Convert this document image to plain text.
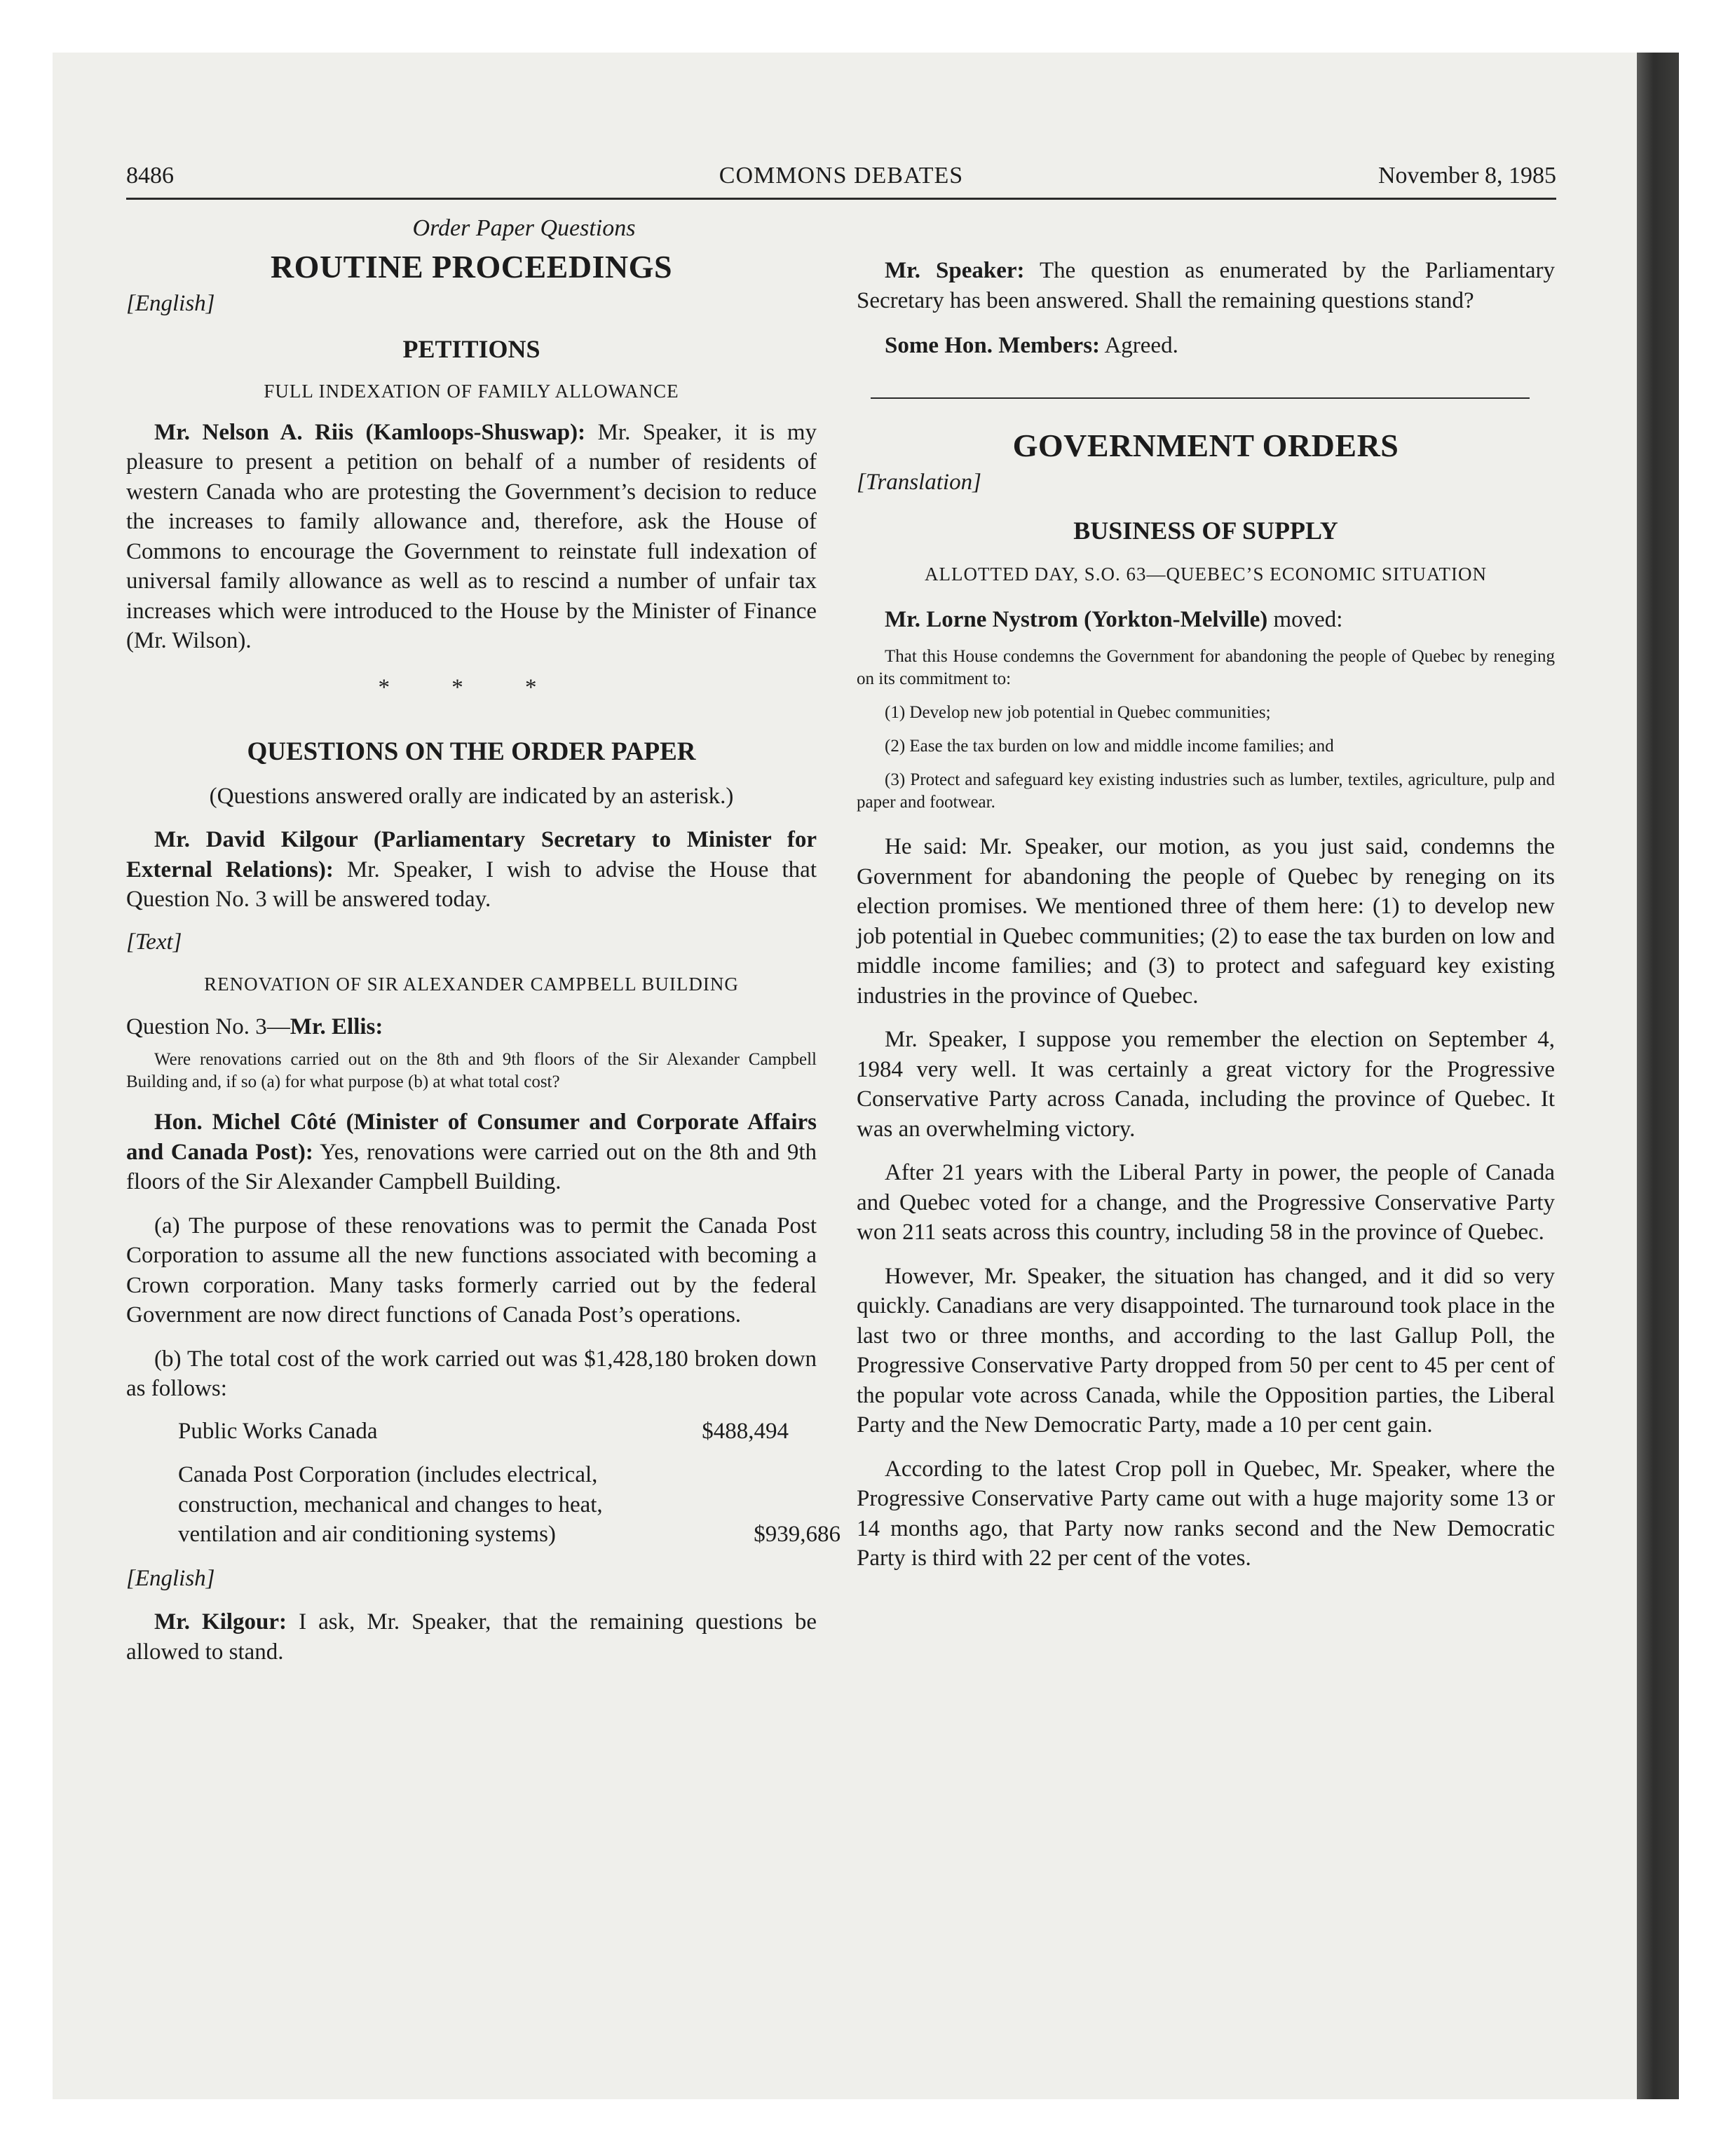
8486	COMMONS DEBATES	November 8, 1985

Order Paper Questions

ROUTINE PROCEEDINGS

[English]

PETITIONS

FULL INDEXATION OF FAMILY ALLOWANCE

Mr. Nelson A. Riis (Kamloops-Shuswap): Mr. Speaker, it is my pleasure to present a petition on behalf of a number of residents of western Canada who are protesting the Government’s decision to reduce the increases to family allowance and, therefore, ask the House of Commons to encourage the Government to reinstate full indexation of universal family allowance as well as to rescind a number of unfair tax increases which were introduced to the House by the Minister of Finance (Mr. Wilson).

* * *

QUESTIONS ON THE ORDER PAPER

(Questions answered orally are indicated by an asterisk.)

Mr. David Kilgour (Parliamentary Secretary to Minister for External Relations): Mr. Speaker, I wish to advise the House that Question No. 3 will be answered today.

[Text]

RENOVATION OF SIR ALEXANDER CAMPBELL BUILDING

Question No. 3—Mr. Ellis:

Were renovations carried out on the 8th and 9th floors of the Sir Alexander Campbell Building and, if so (a) for what purpose (b) at what total cost?

Hon. Michel Côté (Minister of Consumer and Corporate Affairs and Canada Post): Yes, renovations were carried out on the 8th and 9th floors of the Sir Alexander Campbell Building.

(a) The purpose of these renovations was to permit the Canada Post Corporation to assume all the new functions associated with becoming a Crown corporation. Many tasks formerly carried out by the federal Government are now direct functions of Canada Post’s operations.

(b) The total cost of the work carried out was $1,428,180 broken down as follows:

Public Works Canada	$488,494
Canada Post Corporation (includes electrical, construction, mechanical and changes to heat, ventilation and air conditioning systems)	$939,686

[English]

Mr. Kilgour: I ask, Mr. Speaker, that the remaining questions be allowed to stand.

Mr. Speaker: The question as enumerated by the Parliamentary Secretary has been answered. Shall the remaining questions stand?

Some Hon. Members: Agreed.

GOVERNMENT ORDERS

[Translation]

BUSINESS OF SUPPLY

ALLOTTED DAY, S.O. 63—QUEBEC’S ECONOMIC SITUATION

Mr. Lorne Nystrom (Yorkton-Melville) moved:

That this House condemns the Government for abandoning the people of Quebec by reneging on its commitment to:

(1) Develop new job potential in Quebec communities;

(2) Ease the tax burden on low and middle income families; and

(3) Protect and safeguard key existing industries such as lumber, textiles, agriculture, pulp and paper and footwear.

He said: Mr. Speaker, our motion, as you just said, condemns the Government for abandoning the people of Quebec by reneging on its election promises. We mentioned three of them here: (1) to develop new job potential in Quebec communities; (2) to ease the tax burden on low and middle income families; and (3) to protect and safeguard key existing industries in the province of Quebec.

Mr. Speaker, I suppose you remember the election on September 4, 1984 very well. It was certainly a great victory for the Progressive Conservative Party across Canada, including the province of Quebec. It was an overwhelming victory.

After 21 years with the Liberal Party in power, the people of Canada and Quebec voted for a change, and the Progressive Conservative Party won 211 seats across this country, including 58 in the province of Quebec.

However, Mr. Speaker, the situation has changed, and it did so very quickly. Canadians are very disappointed. The turnaround took place in the last two or three months, and according to the last Gallup Poll, the Progressive Conservative Party dropped from 50 per cent to 45 per cent of the popular vote across Canada, while the Opposition parties, the Liberal Party and the New Democratic Party, made a 10 per cent gain.

According to the latest Crop poll in Quebec, Mr. Speaker, where the Progressive Conservative Party came out with a huge majority some 13 or 14 months ago, that Party now ranks second and the New Democratic Party is third with 22 per cent of the votes.
